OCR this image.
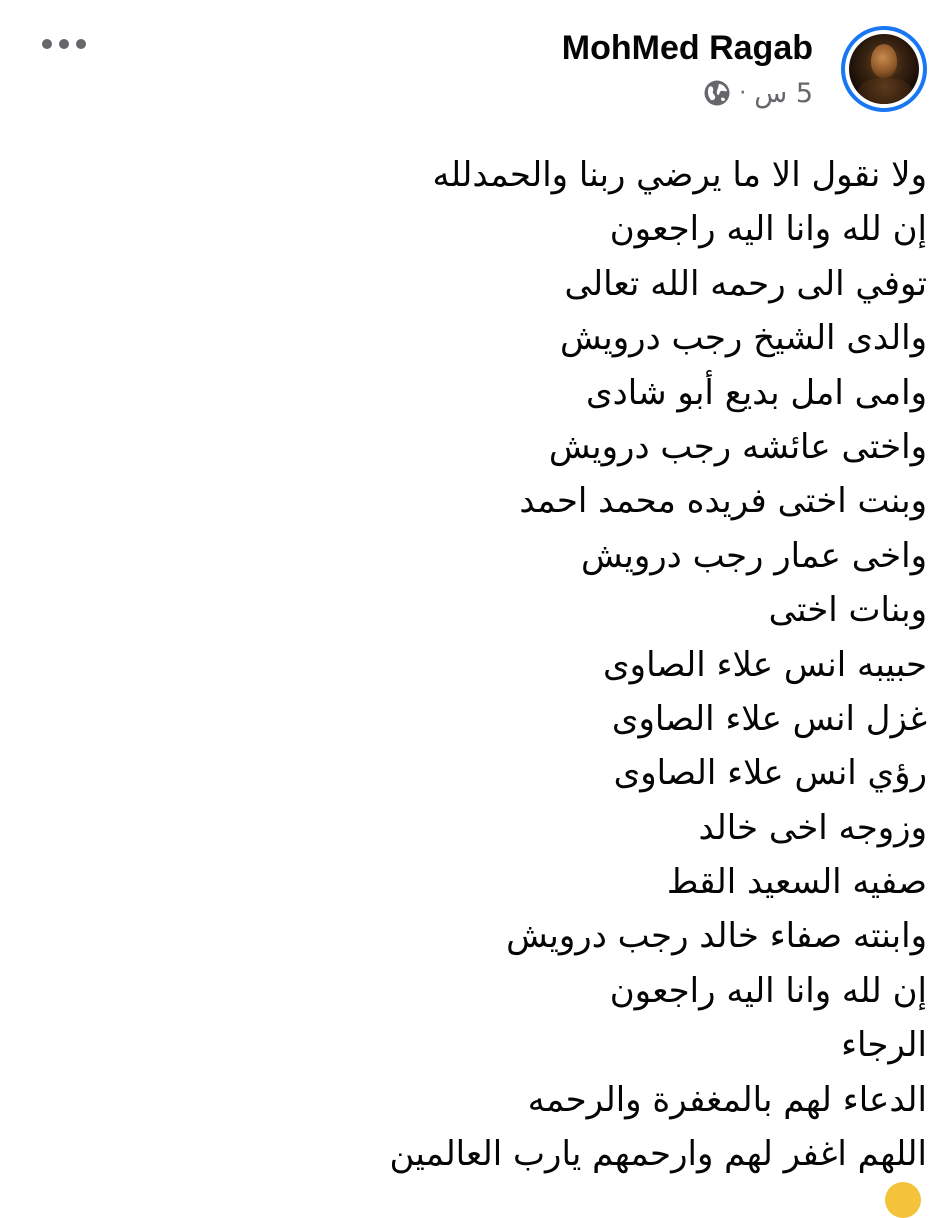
MohMed Ragab
5 س
·
ولا نقول الا ما يرضي ربنا والحمدلله
إن لله وانا اليه راجعون
توفي الى رحمه الله تعالى
والدى الشيخ رجب درويش
وامى امل بديع أبو شادى
واختى عائشه رجب درويش
وبنت اختى فريده محمد احمد
واخى عمار رجب درويش
وبنات اختى
حبيبه انس علاء الصاوى
غزل انس علاء الصاوى
رؤي انس علاء الصاوى
وزوجه اخى خالد
صفيه السعيد القط
وابنته صفاء خالد رجب درويش
إن لله وانا اليه راجعون
الرجاء
الدعاء لهم بالمغفرة والرحمه
اللهم اغفر لهم وارحمهم يارب العالمين
